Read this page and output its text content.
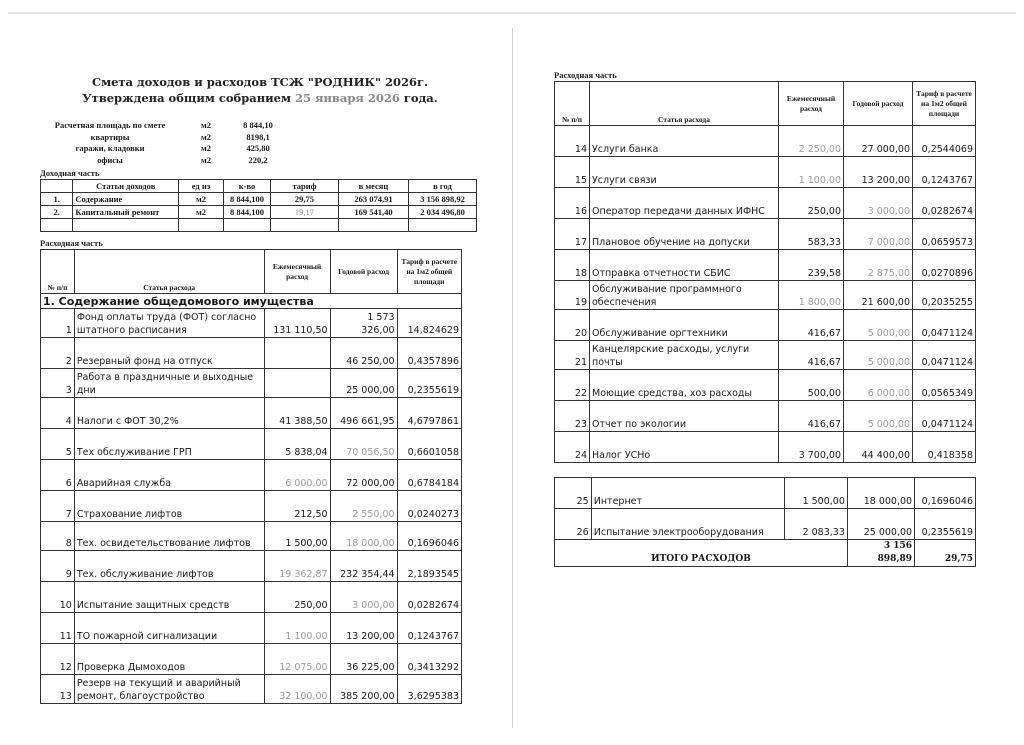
Смета доходов и расходов ТСЖ "РОДНИК" 2026г.
Утверждена общим собранием 25 января 2026 года.
Расчетная площадь по смете	м2	8 844,10
квартиры	м2	8198,1
гаражи, кладовки	м2	425,80
офисы	м2	220,2
Доходная часть
	Статьи доходов	ед из	к-во	тариф	в месяц	в год
1.	Содержание	м2	8 844,100	29,75	263 074,91	3 156 898,92
2.	Капитальный ремонт	м2	8 844,100	19,17	169 541,40	2 034 496,80

Расходная часть
№ п/п	Статья расхода	Ежемесячный расход	Годовой расход	Тариф в расчете на 1м2 общей площади
1. Содержание общедомового имущества				
1	Фонд оплаты труда (ФОТ) согласно штатного расписания	131 110,50	1 573 326,00	14,824629
2	Резервный фонд на отпуск		46 250,00	0,4357896
3	Работа в праздничные и выходные дни		25 000,00	0,2355619
4	Налоги с ФОТ 30,2%	41 388,50	496 661,95	4,6797861
5	Тех обслуживание ГРП	5 838,04	70 056,50	0,6601058
6	Аварийная служба	6 000,00	72 000,00	0,6784184
7	Страхование лифтов	212,50	2 550,00	0,0240273
8	Тех. освидетельствование лифтов	1 500,00	18 000,00	0,1696046
9	Тех. обслуживание лифтов	19 362,87	232 354,44	2,1893545
10	Испытание защитных средств	250,00	3 000,00	0,0282674
11	ТО пожарной сигнализации	1 100,00	13 200,00	0,1243767
12	Проверка Дымоходов	12 075,00	36 225,00	0,3413292
13	Резерв на текущий и аварийный ремонт, благоустройство	32 100,00	385 200,00	3,6295383
Расходная часть
№ п/п	Статья расхода	Ежемесячный расход	Годовой расход	Тариф в расчете на 1м2 общей площади
14	Услуги банка	2 250,00	27 000,00	0,2544069
15	Услуги связи	1 100,00	13 200,00	0,1243767
16	Оператор передачи данных ИФНС	250,00	3 000,00	0,0282674
17	Плановое обучение на допуски	583,33	7 000,00	0,0659573
18	Отправка отчетности СБИС	239,58	2 875,00	0,0270896
19	Обслуживание программного обеспечения	1 800,00	21 600,00	0,2035255
20	Обслуживание оргтехники	416,67	5 000,00	0,0471124
21	Канцелярские расходы, услуги почты	416,67	5 000,00	0,0471124
22	Моющие средства, хоз расходы	500,00	6 000,00	0,0565349
23	Отчет по экологии	416,67	5 000,00	0,0471124
24	Налог УСНо	3 700,00	44 400,00	0,418358
25	Интернет	1 500,00	18 000,00	0,1696046
26	Испытание электрооборудования	2 083,33	25 000,00	0,2355619
ИТОГО РАСХОДОВ			3 156 898,89	29,75
